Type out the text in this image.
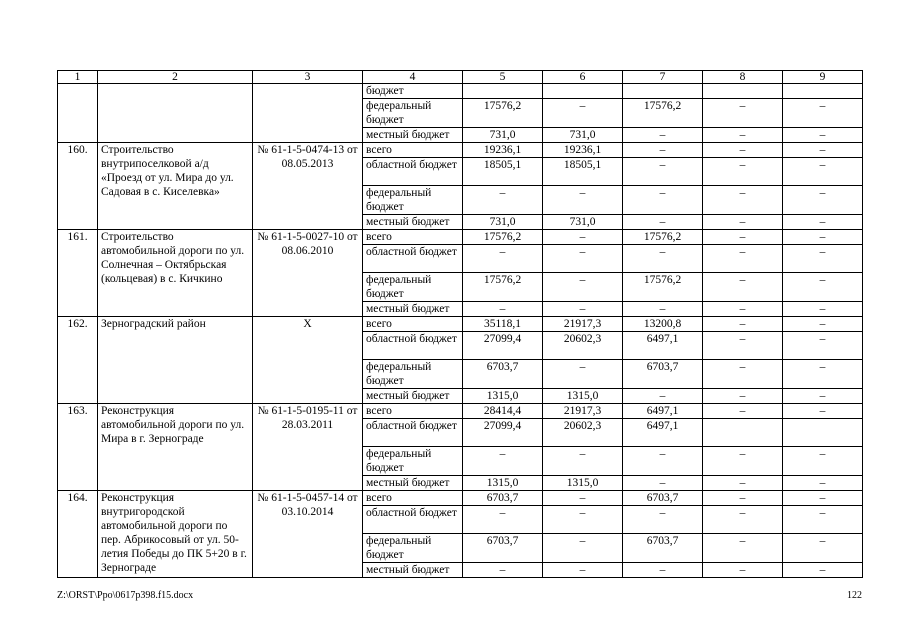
1	2	3	4	5	6	7	8	9
			бюджет					
			федеральный бюджет	17576,2	–	17576,2	–	–
			местный бюджет	731,0	731,0	–	–	–
160.	Строительство внутрипоселковой а/д «Проезд от ул. Мира до ул. Садовая в с. Киселевка»	№ 61-1-5-0474-13 от 08.05.2013	всего	19236,1	19236,1	–	–	–
			областной бюджет	18505,1	18505,1	–	–	–
			федеральный бюджет	–	–	–	–	–
			местный бюджет	731,0	731,0	–	–	–
161.	Строительство автомобильной дороги по ул. Солнечная – Октябрьская (кольцевая) в с. Кичкино	№ 61-1-5-0027-10 от 08.06.2010	всего	17576,2	–	17576,2	–	–
			областной бюджет	–	–	–	–	–
			федеральный бюджет	17576,2	–	17576,2	–	–
			местный бюджет	–	–	–	–	–
162.	Зерноградский район	X	всего	35118,1	21917,3	13200,8	–	–
			областной бюджет	27099,4	20602,3	6497,1	–	–
			федеральный бюджет	6703,7	–	6703,7	–	–
			местный бюджет	1315,0	1315,0	–	–	–
163.	Реконструкция автомобильной дороги по ул. Мира в г. Зернограде	№ 61-1-5-0195-11 от 28.03.2011	всего	28414,4	21917,3	6497,1	–	–
			областной бюджет	27099,4	20602,3	6497,1		
			федеральный бюджет	–	–	–	–	–
			местный бюджет	1315,0	1315,0	–	–	–
164.	Реконструкция внутригородской автомобильной дороги по пер. Абрикосовый от ул. 50-летия Победы до ПК 5+20 в г. Зернограде	№ 61-1-5-0457-14 от 03.10.2014	всего	6703,7	–	6703,7	–	–
			областной бюджет	–	–	–	–	–
			федеральный бюджет	6703,7	–	6703,7	–	–
			местный бюджет	–	–	–	–	–
Z:\ORST\Ppo\0617p398.f15.docx	122
